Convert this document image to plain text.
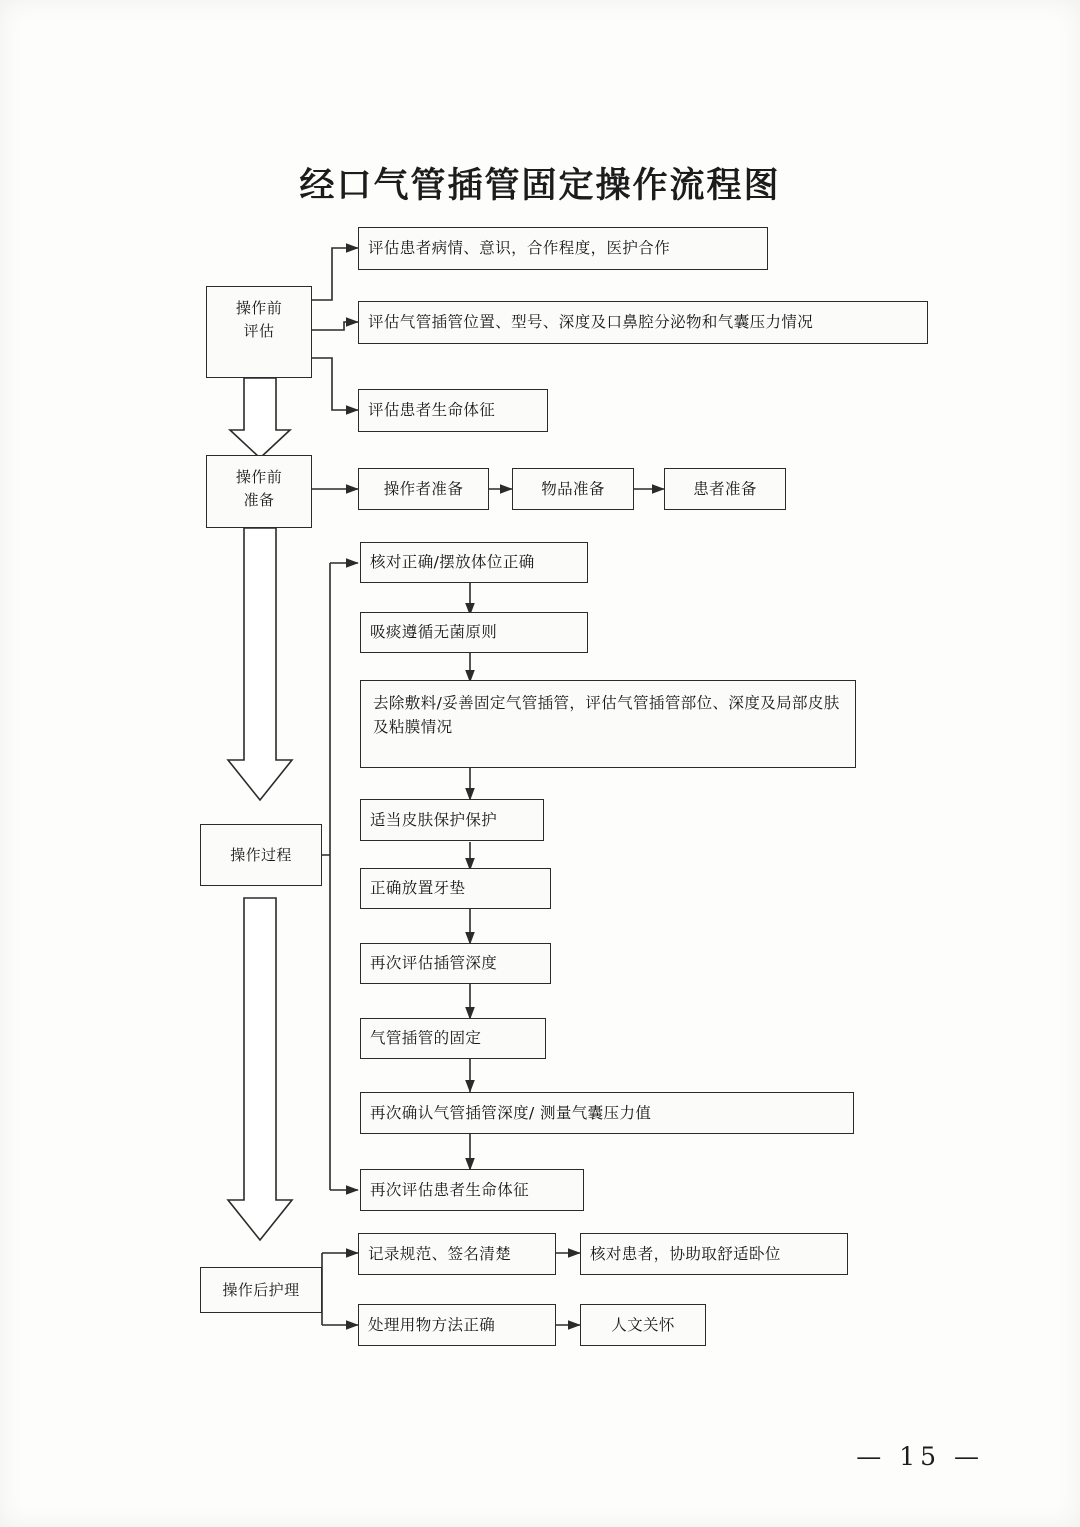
经口气管插管固定操作流程图
操作前
评估
评估患者病情、意识，合作程度，医护合作
评估气管插管位置、型号、深度及口鼻腔分泌物和气囊压力情况
评估患者生命体征
操作前
准备
操作者准备	物品准备	患者准备
操作过程
核对正确/摆放体位正确
吸痰遵循无菌原则
去除敷料/妥善固定气管插管，评估气管插管部位、深度及局部皮肤及粘膜情况
适当皮肤保护保护
正确放置牙垫
再次评估插管深度
气管插管的固定
再次确认气管插管深度/ 测量气囊压力值
再次评估患者生命体征
操作后护理
记录规范、签名清楚	核对患者，协助取舒适卧位
处理用物方法正确	人文关怀
— 15 —
